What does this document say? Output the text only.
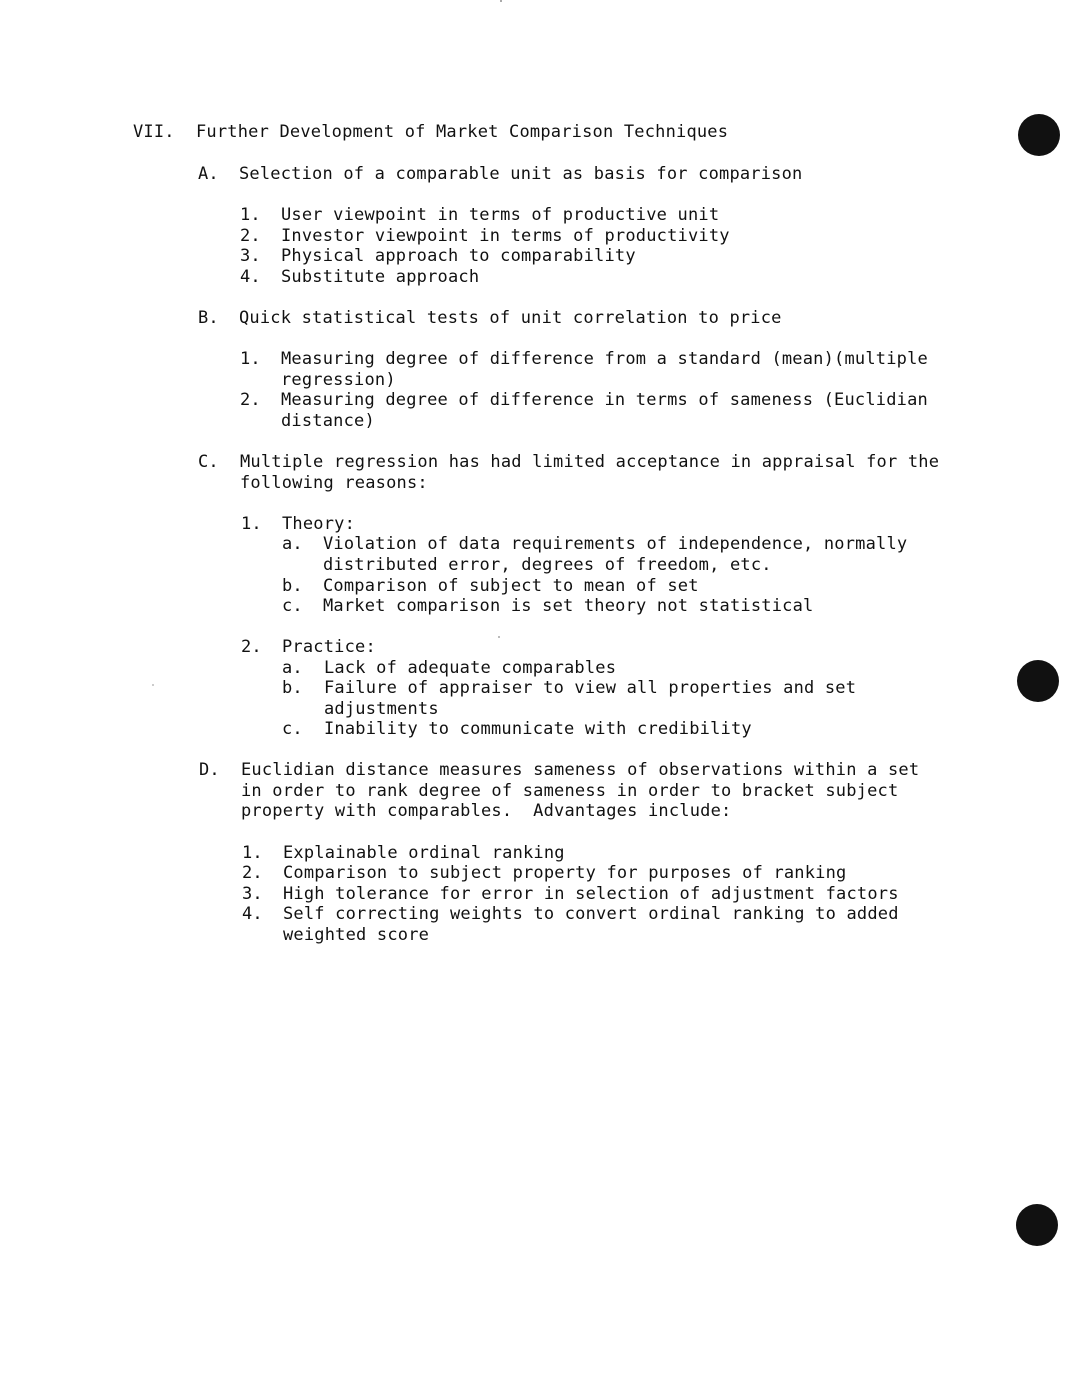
VII. Further Development of Market Comparison Techniques
A. Selection of a comparable unit as basis for comparison
1. User viewpoint in terms of productive unit
2. Investor viewpoint in terms of productivity
3. Physical approach to comparability
4. Substitute approach
B. Quick statistical tests of unit correlation to price
1. Measuring degree of difference from a standard (mean)(multiple
regression)
2. Measuring degree of difference in terms of sameness (Euclidian
distance)
C. Multiple regression has had limited acceptance in appraisal for the
following reasons:
1. Theory:
a. Violation of data requirements of independence, normally
distributed error, degrees of freedom, etc.
b. Comparison of subject to mean of set
c. Market comparison is set theory not statistical
2. Practice:
a. Lack of adequate comparables
b. Failure of appraiser to view all properties and set
adjustments
c. Inability to communicate with credibility
D. Euclidian distance measures sameness of observations within a set
in order to rank degree of sameness in order to bracket subject
property with comparables.  Advantages include:
1. Explainable ordinal ranking
2. Comparison to subject property for purposes of ranking
3. High tolerance for error in selection of adjustment factors
4. Self correcting weights to convert ordinal ranking to added
weighted score
